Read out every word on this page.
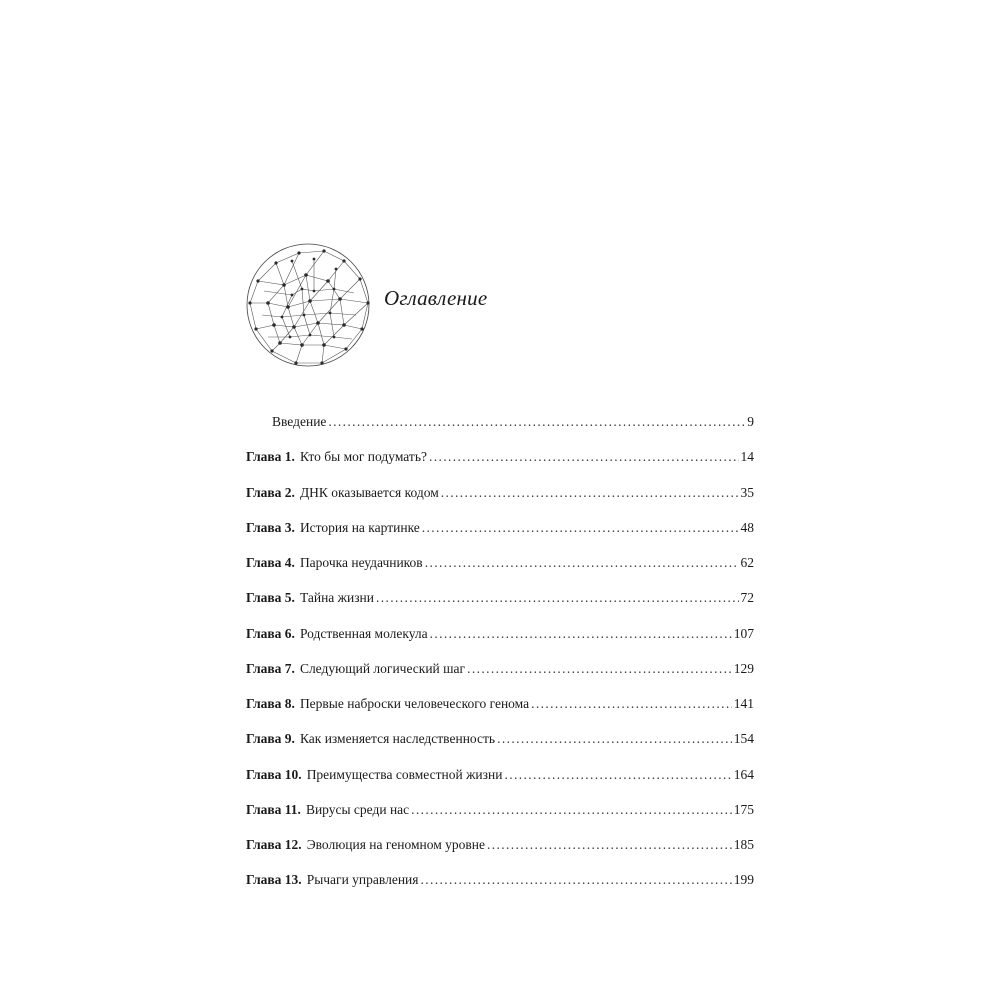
Оглавление
Введение . . .	9
Глава 1. Кто бы мог подумать? . . .	14
Глава 2. ДНК оказывается кодом . . .	35
Глава 3. История на картинке . . .	48
Глава 4. Парочка неудачников . . .	62
Глава 5. Тайна жизни . . .	72
Глава 6. Родственная молекула . . .	107
Глава 7. Следующий логический шаг . . .	129
Глава 8. Первые наброски человеческого генома . . .	141
Глава 9. Как изменяется наследственность . . .	154
Глава 10. Преимущества совместной жизни . . .	164
Глава 11. Вирусы среди нас . . .	175
Глава 12. Эволюция на геномном уровне . . .	185
Глава 13. Рычаги управления . . .	199
